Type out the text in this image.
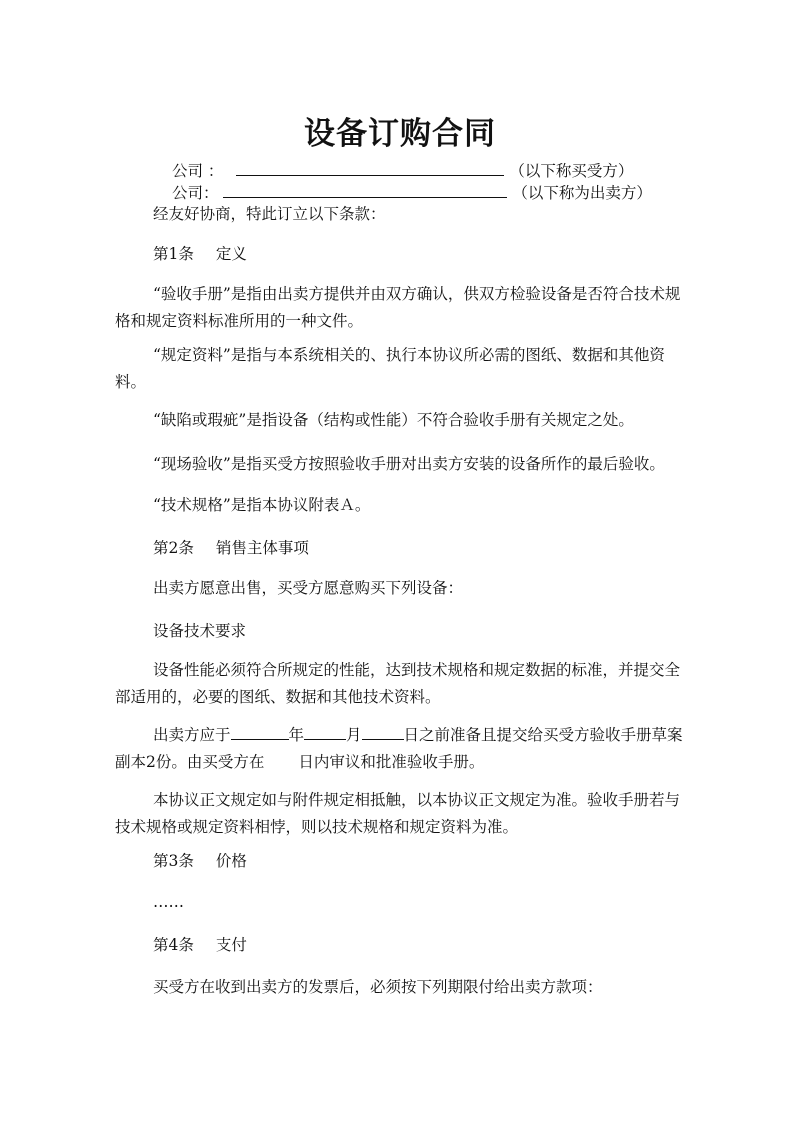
设备订购合同
公司 ：	（以下称买受方）
公司：	（以下称为出卖方）
经友好协商，特此订立以下条款：
第1条 定义
“验收手册”是指由出卖方提供并由双方确认，供双方检验设备是否符合技术规格和规定资料标准所用的一种文件。
“规定资料”是指与本系统相关的、执行本协议所必需的图纸、数据和其他资料。
“缺陷或瑕疵”是指设备（结构或性能）不符合验收手册有关规定之处。
“现场验收”是指买受方按照验收手册对出卖方安装的设备所作的最后验收。
“技术规格”是指本协议附表Ａ。
第2条 销售主体事项
出卖方愿意出售，买受方愿意购买下列设备：
设备技术要求
设备性能必须符合所规定的性能，达到技术规格和规定数据的标准，并提交全部适用的，必要的图纸、数据和其他技术资料。
出卖方应于	年	月	日之前准备且提交给买受方验收手册草案副本2份。由买受方在 日内审议和批准验收手册。
本协议正文规定如与附件规定相抵触，以本协议正文规定为准。验收手册若与技术规格或规定资料相悖，则以技术规格和规定资料为准。
第3条 价格
……
第4条 支付
买受方在收到出卖方的发票后，必须按下列期限付给出卖方款项：
